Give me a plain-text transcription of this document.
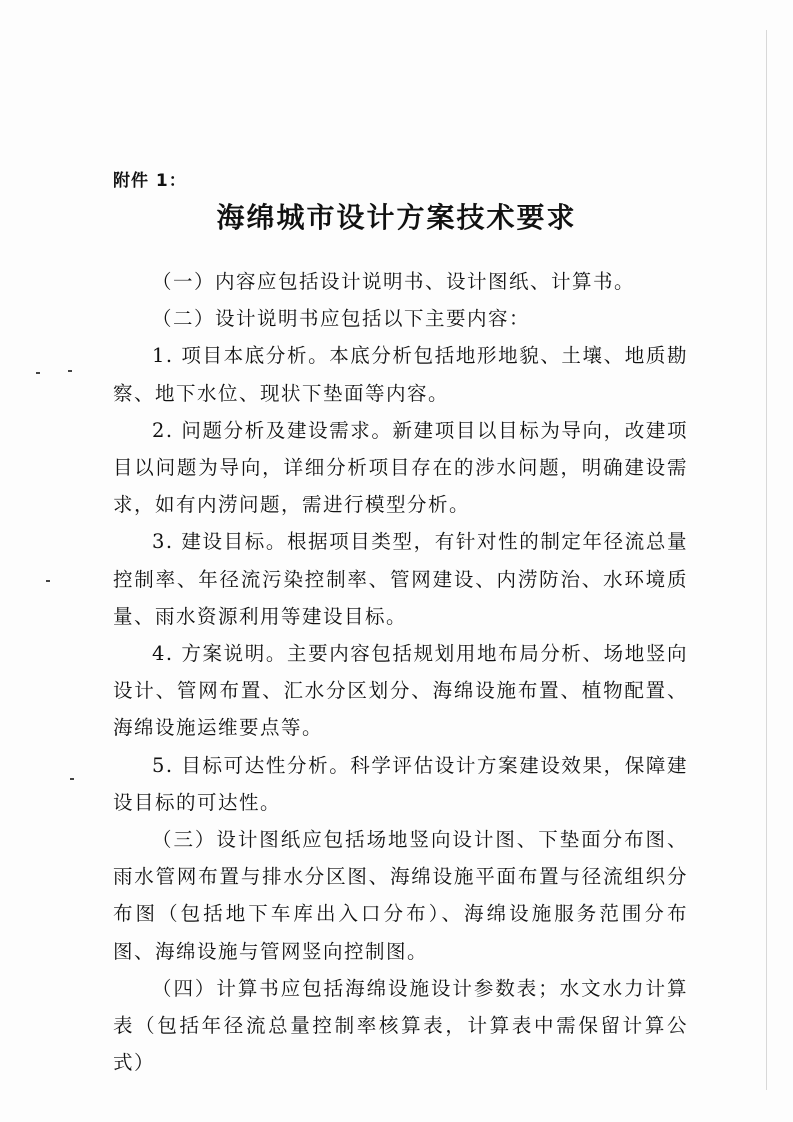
附件 1：
海绵城市设计方案技术要求

（一）内容应包括设计说明书、设计图纸、计算书。

（二）设计说明书应包括以下主要内容：

1. 项目本底分析。本底分析包括地形地貌、土壤、地质勘察、地下水位、现状下垫面等内容。

2. 问题分析及建设需求。新建项目以目标为导向，改建项目以问题为导向，详细分析项目存在的涉水问题，明确建设需求，如有内涝问题，需进行模型分析。

3. 建设目标。根据项目类型，有针对性的制定年径流总量控制率、年径流污染控制率、管网建设、内涝防治、水环境质量、雨水资源利用等建设目标。

4. 方案说明。主要内容包括规划用地布局分析、场地竖向设计、管网布置、汇水分区划分、海绵设施布置、植物配置、海绵设施运维要点等。

5. 目标可达性分析。科学评估设计方案建设效果，保障建设目标的可达性。

（三）设计图纸应包括场地竖向设计图、下垫面分布图、雨水管网布置与排水分区图、海绵设施平面布置与径流组织分布图（包括地下车库出入口分布）、海绵设施服务范围分布图、海绵设施与管网竖向控制图。

（四）计算书应包括海绵设施设计参数表；水文水力计算表（包括年径流总量控制率核算表，计算表中需保留计算公式）
